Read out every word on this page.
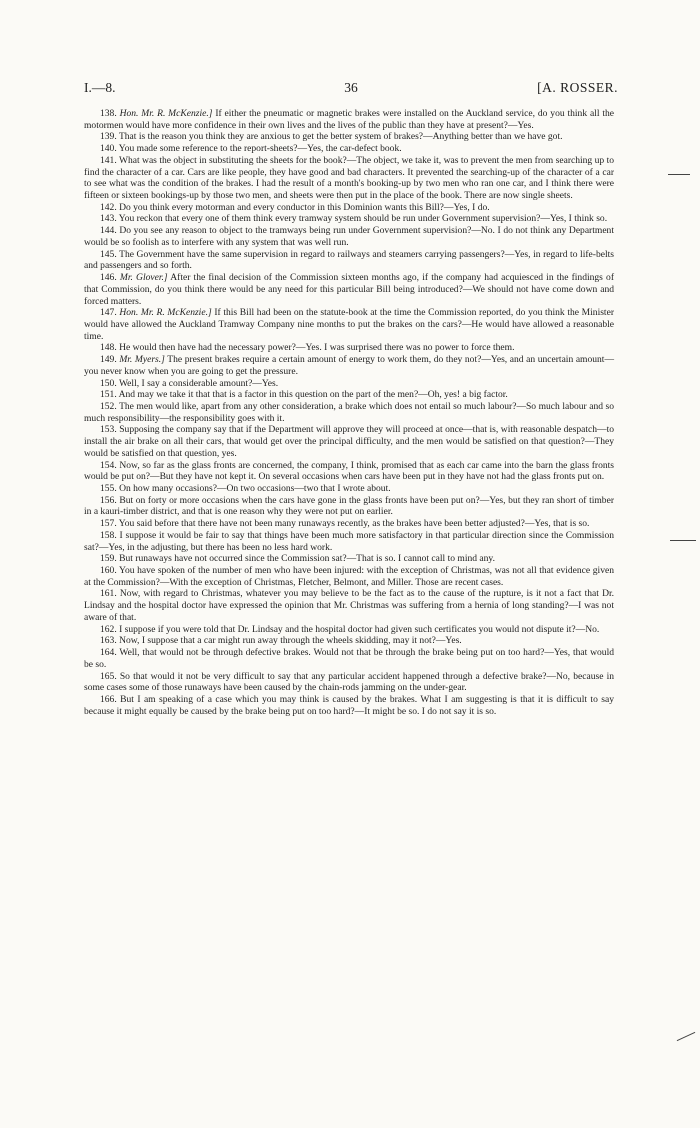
I.—8.	36	[A. ROSSER.

138. Hon. Mr. R. McKenzie.] If either the pneumatic or magnetic brakes were installed on the Auckland service, do you think all the motormen would have more confidence in their own lives and the lives of the public than they have at present?—Yes.

139. That is the reason you think they are anxious to get the better system of brakes?—Anything better than we have got.

140. You made some reference to the report-sheets?—Yes, the car-defect book.

141. What was the object in substituting the sheets for the book?—The object, we take it, was to prevent the men from searching up to find the character of a car. Cars are like people, they have good and bad characters. It prevented the searching-up of the character of a car to see what was the condition of the brakes. I had the result of a month's booking-up by two men who ran one car, and I think there were fifteen or sixteen bookings-up by those two men, and sheets were then put in the place of the book. There are now single sheets.

142. Do you think every motorman and every conductor in this Dominion wants this Bill?—Yes, I do.

143. You reckon that every one of them think every tramway system should be run under Government supervision?—Yes, I think so.

144. Do you see any reason to object to the tramways being run under Government supervision?—No. I do not think any Department would be so foolish as to interfere with any system that was well run.

145. The Government have the same supervision in regard to railways and steamers carrying passengers?—Yes, in regard to life-belts and passengers and so forth.

146. Mr. Glover.] After the final decision of the Commission sixteen months ago, if the company had acquiesced in the findings of that Commission, do you think there would be any need for this particular Bill being introduced?—We should not have come down and forced matters.

147. Hon. Mr. R. McKenzie.] If this Bill had been on the statute-book at the time the Commission reported, do you think the Minister would have allowed the Auckland Tramway Company nine months to put the brakes on the cars?—He would have allowed a reasonable time.

148. He would then have had the necessary power?—Yes. I was surprised there was no power to force them.

149. Mr. Myers.] The present brakes require a certain amount of energy to work them, do they not?—Yes, and an uncertain amount—you never know when you are going to get the pressure.

150. Well, I say a considerable amount?—Yes.

151. And may we take it that that is a factor in this question on the part of the men?—Oh, yes! a big factor.

152. The men would like, apart from any other consideration, a brake which does not entail so much labour?—So much labour and so much responsibility—the responsibility goes with it.

153. Supposing the company say that if the Department will approve they will proceed at once—that is, with reasonable despatch—to install the air brake on all their cars, that would get over the principal difficulty, and the men would be satisfied on that question?—They would be satisfied on that question, yes.

154. Now, so far as the glass fronts are concerned, the company, I think, promised that as each car came into the barn the glass fronts would be put on?—But they have not kept it. On several occasions when cars have been put in they have not had the glass fronts put on.

155. On how many occasions?—On two occasions—two that I wrote about.

156. But on forty or more occasions when the cars have gone in the glass fronts have been put on?—Yes, but they ran short of timber in a kauri-timber district, and that is one reason why they were not put on earlier.

157. You said before that there have not been many runaways recently, as the brakes have been better adjusted?—Yes, that is so.

158. I suppose it would be fair to say that things have been much more satisfactory in that particular direction since the Commission sat?—Yes, in the adjusting, but there has been no less hard work.

159. But runaways have not occurred since the Commission sat?—That is so. I cannot call to mind any.

160. You have spoken of the number of men who have been injured: with the exception of Christmas, was not all that evidence given at the Commission?—With the exception of Christmas, Fletcher, Belmont, and Miller. Those are recent cases.

161. Now, with regard to Christmas, whatever you may believe to be the fact as to the cause of the rupture, is it not a fact that Dr. Lindsay and the hospital doctor have expressed the opinion that Mr. Christmas was suffering from a hernia of long standing?—I was not aware of that.

162. I suppose if you were told that Dr. Lindsay and the hospital doctor had given such certificates you would not dispute it?—No.

163. Now, I suppose that a car might run away through the wheels skidding, may it not?—Yes.

164. Well, that would not be through defective brakes. Would not that be through the brake being put on too hard?—Yes, that would be so.

165. So that would it not be very difficult to say that any particular accident happened through a defective brake?—No, because in some cases some of those runaways have been caused by the chain-rods jamming on the under-gear.

166. But I am speaking of a case which you may think is caused by the brakes. What I am suggesting is that it is difficult to say because it might equally be caused by the brake being put on too hard?—It might be so. I do not say it is so.
